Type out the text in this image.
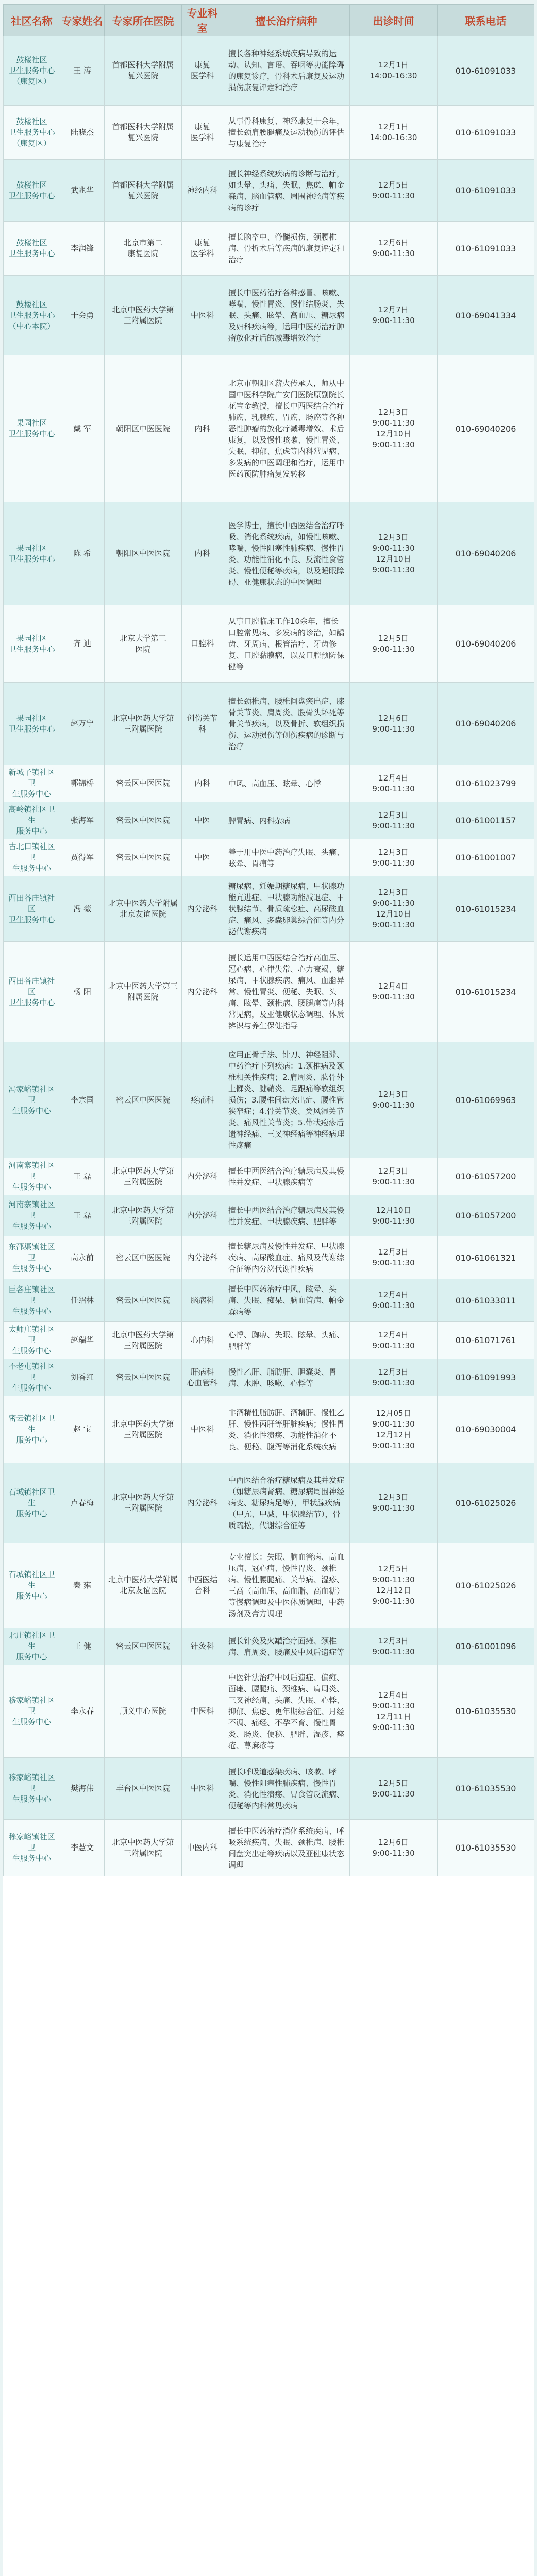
社区名称	专家姓名	专家所在医院	专业科室	擅长治疗病种	出诊时间	联系电话
鼓楼社区
卫生服务中心
（康复区）	王 涛	首都医科大学附属
复兴医院	康复
医学科	擅长各种神经系统疾病导致的运动、认知、言语、吞咽等功能障碍的康复诊疗，骨科术后康复及运动损伤康复评定和治疗	12月1日
14:00-16:30	010-61091033
鼓楼社区
卫生服务中心
（康复区）	陆晓杰	首都医科大学附属
复兴医院	康复
医学科	从事骨科康复、神经康复十余年，擅长颈肩腰腿痛及运动损伤的评估与康复治疗	12月1日
14:00-16:30	010-61091033
鼓楼社区
卫生服务中心	武兆华	首都医科大学附属
复兴医院	神经内科	擅长神经系统疾病的诊断与治疗，如头晕、头痛、失眠、焦虑、帕金森病、脑血管病、周围神经病等疾病的诊疗	12月5日
9:00-11:30	010-61091033
鼓楼社区
卫生服务中心	李润锋	北京市第二
康复医院	康复
医学科	擅长脑卒中、脊髓损伤、颈腰椎病、骨折术后等疾病的康复评定和治疗	12月6日
9:00-11:30	010-61091033
鼓楼社区
卫生服务中心
（中心本院）	于会勇	北京中医药大学第
三附属医院	中医科	擅长中医药治疗各种感冒、咳嗽、哮喘、慢性胃炎、慢性结肠炎、失眠、头痛、眩晕、高血压、糖尿病及妇科疾病等，运用中医药治疗肿瘤放化疗后的减毒增效治疗	12月7日
9:00-11:30	010-69041334
果园社区
卫生服务中心	戴 军	朝阳区中医医院	内科	北京市朝阳区薪火传承人，师从中国中医科学院广安门医院原副院长花宝金教授，擅长中西医结合治疗肺癌、乳腺癌、胃癌、肠癌等各种恶性肿瘤的放化疗减毒增效、术后康复，以及慢性咳嗽、慢性胃炎、失眠、抑郁、焦虑等内科常见病、多发病的中医调理和治疗，运用中医药预防肿瘤复发转移	12月3日
9:00-11:30
12月10日
9:00-11:30	010-69040206
果园社区
卫生服务中心	陈 希	朝阳区中医医院	内科	医学博士，擅长中西医结合治疗呼吸、消化系统疾病，如慢性咳嗽、哮喘、慢性阻塞性肺疾病、慢性胃炎、功能性消化不良、反流性食管炎、慢性便秘等疾病，以及睡眠障碍、亚健康状态的中医调理	12月3日
9:00-11:30
12月10日
9:00-11:30	010-69040206
果园社区
卫生服务中心	齐 迪	北京大学第三
医院	口腔科	从事口腔临床工作10余年，擅长口腔常见病、多发病的诊治，如龋齿、牙周病、根管治疗、牙齿修复、口腔黏膜病，以及口腔预防保健等	12月5日
9:00-11:30	010-69040206
果园社区
卫生服务中心	赵万宁	北京中医药大学第
三附属医院	创伤关节科	擅长颈椎病、腰椎间盘突出症、膝骨关节炎、肩周炎、股骨头坏死等骨关节疾病，以及骨折、软组织损伤、运动损伤等创伤疾病的诊断与治疗	12月6日
9:00-11:30	010-69040206
新城子镇社区卫
生服务中心	郭锦桥	密云区中医医院	内科	中风、高血压、眩晕、心悸	12月4日
9:00-11:30	010-61023799
高岭镇社区卫生
服务中心	张海军	密云区中医医院	中医	脾胃病、内科杂病	12月3日
9:00-11:30	010-61001157
古北口镇社区卫
生服务中心	贾得军	密云区中医医院	中医	善于用中医中药治疗失眠、头痛、眩晕、胃痛等	12月3日
9:00-11:30	010-61001007
西田各庄镇社区
卫生服务中心	冯 薇	北京中医药大学附属
北京友谊医院	内分泌科	糖尿病、妊娠期糖尿病、甲状腺功能亢进症、甲状腺功能减退症、甲状腺结节、骨质疏松症、高尿酸血症、痛风、多囊卵巢综合征等内分泌代谢疾病	12月3日
9:00-11:30
12月10日
9:00-11:30	010-61015234
西田各庄镇社区
卫生服务中心	杨 阳	北京中医药大学第三
附属医院	内分泌科	擅长运用中西医结合治疗高血压、冠心病、心律失常、心力衰竭、糖尿病、甲状腺疾病、痛风、血脂异常、慢性胃炎、便秘、失眠、头痛、眩晕、颈椎病、腰腿痛等内科常见病，及亚健康状态调理、体质辨识与养生保健指导	12月4日
9:00-11:30	010-61015234
冯家峪镇社区卫
生服务中心	李宗国	密云区中医医院	疼痛科	应用正骨手法、针刀、神经阻滞、中药治疗下列疾病：1.颈椎病及颈椎相关性疾病；2.肩周炎、肱骨外上髁炎、腱鞘炎、足跟痛等软组织损伤；3.腰椎间盘突出症、腰椎管狭窄症；4.骨关节炎、类风湿关节炎、痛风性关节炎；5.带状疱疹后遗神经痛、三叉神经痛等神经病理性疼痛	12月3日
9:00-11:30	010-61069963
河南寨镇社区卫
生服务中心	王 磊	北京中医药大学第
三附属医院	内分泌科	擅长中西医结合治疗糖尿病及其慢性并发症、甲状腺疾病等	12月3日
9:00-11:30	010-61057200
河南寨镇社区卫
生服务中心	王 磊	北京中医药大学第
三附属医院	内分泌科	擅长中西医结合治疗糖尿病及其慢性并发症、甲状腺疾病、肥胖等	12月10日
9:00-11:30	010-61057200
东邵渠镇社区卫
生服务中心	高永前	密云区中医医院	内分泌科	擅长糖尿病及慢性并发症、甲状腺疾病、高尿酸血症、痛风及代谢综合征等内分泌代谢性疾病	12月3日
9:00-11:30	010-61061321
巨各庄镇社区卫
生服务中心	任绍林	密云区中医医院	脑病科	擅长中医药治疗中风、眩晕、头痛、失眠、痴呆、脑血管病、帕金森病等	12月4日
9:00-11:30	010-61033011
太师庄镇社区卫
生服务中心	赵瑞华	北京中医药大学第
三附属医院	心内科	心悸、胸痹、失眠、眩晕、头痛、肥胖等	12月4日
9:00-11:30	010-61071761
不老屯镇社区卫
生服务中心	刘香红	密云区中医医院	肝病科
心血管科	慢性乙肝、脂肪肝、胆囊炎、胃病、水肿、咳嗽、心悸等	12月3日
9:00-11:30	010-61091993
密云镇社区卫生
服务中心	赵 宝	北京中医药大学第
三附属医院	中医科	非酒精性脂肪肝、酒精肝、慢性乙肝、慢性丙肝等肝脏疾病；慢性胃炎、消化性溃疡、功能性消化不良、便秘、腹泻等消化系统疾病	12月05日
9:00-11:30
12月12日
9:00-11:30	010-69030004
石城镇社区卫生
服务中心	卢春梅	北京中医药大学第
三附属医院	内分泌科	中西医结合治疗糖尿病及其并发症（如糖尿病肾病、糖尿病周围神经病变、糖尿病足等），甲状腺疾病（甲亢、甲减、甲状腺结节），骨质疏松，代谢综合征等	12月3日
9:00-11:30	010-61025026
石城镇社区卫生
服务中心	秦 雍	北京中医药大学附属
北京友谊医院	中西医结合科	专业擅长：失眠、脑血管病、高血压病、冠心病、慢性胃炎、颈椎病、慢性腰腿痛、关节病、湿疹、三高（高血压、高血脂、高血糖）等慢病调理及中医体质调理，中药汤剂及膏方调理	12月5日
9:00-11:30
12月12日
9:00-11:30	010-61025026
北庄镇社区卫生
服务中心	王 健	密云区中医医院	针灸科	擅长针灸及火罐治疗面瘫、颈椎病、肩周炎、腰痛及中风后遗症等	12月3日
9:00-11:30	010-61001096
穆家峪镇社区卫
生服务中心	李永春	顺义中心医院	中医科	中医针法治疗中风后遗症、偏瘫、面瘫、腰腿痛、颈椎病、肩周炎、三叉神经痛、头痛、失眠、心悸、抑郁、焦虑、更年期综合征、月经不调、痛经、不孕不育、慢性胃炎、肠炎、便秘、肥胖、湿疹、痤疮、荨麻疹等	12月4日
9:00-11:30
12月11日
9:00-11:30	010-61035530
穆家峪镇社区卫
生服务中心	樊海伟	丰台区中医医院	中医科	擅长呼吸道感染疾病、咳嗽、哮喘、慢性阻塞性肺疾病、慢性胃炎、消化性溃疡、胃食管反流病、便秘等内科常见疾病	12月5日
9:00-11:30	010-61035530
穆家峪镇社区卫
生服务中心	李慧文	北京中医药大学第
三附属医院	中医内科	擅长中医药治疗消化系统疾病、呼吸系统疾病、失眠、颈椎病、腰椎间盘突出症等疾病以及亚健康状态调理	12月6日
9:00-11:30	010-61035530
